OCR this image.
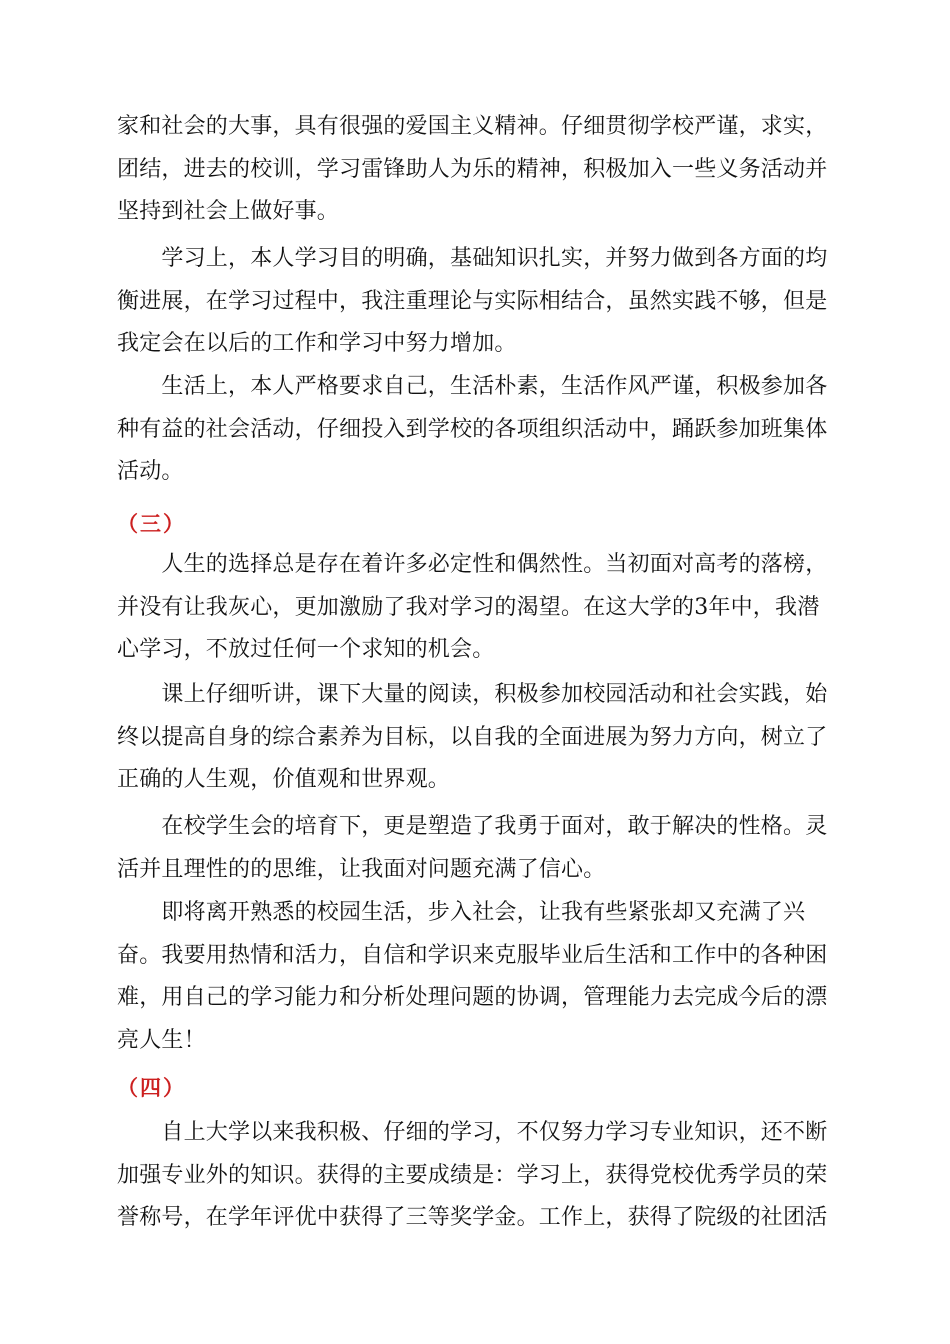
家和社会的大事，具有很强的爱国主义精神。仔细贯彻学校严谨，求实，
团结，进去的校训，学习雷锋助人为乐的精神，积极加入一些义务活动并
坚持到社会上做好事。

　　学习上，本人学习目的明确，基础知识扎实，并努力做到各方面的均
衡进展，在学习过程中，我注重理论与实际相结合，虽然实践不够，但是
我定会在以后的工作和学习中努力增加。

　　生活上，本人严格要求自己，生活朴素，生活作风严谨，积极参加各
种有益的社会活动，仔细投入到学校的各项组织活动中，踊跃参加班集体
活动。

（三）

　　人生的选择总是存在着许多必定性和偶然性。当初面对高考的落榜，
并没有让我灰心，更加激励了我对学习的渴望。在这大学的3年中，我潜
心学习，不放过任何一个求知的机会。

　　课上仔细听讲，课下大量的阅读，积极参加校园活动和社会实践，始
终以提高自身的综合素养为目标，以自我的全面进展为努力方向，树立了
正确的人生观，价值观和世界观。

　　在校学生会的培育下，更是塑造了我勇于面对，敢于解决的性格。灵
活并且理性的的思维，让我面对问题充满了信心。

　　即将离开熟悉的校园生活，步入社会，让我有些紧张却又充满了兴
奋。我要用热情和活力，自信和学识来克服毕业后生活和工作中的各种困
难，用自己的学习能力和分析处理问题的协调，管理能力去完成今后的漂
亮人生！

（四）

　　自上大学以来我积极、仔细的学习，不仅努力学习专业知识，还不断
加强专业外的知识。获得的主要成绩是：学习上，获得党校优秀学员的荣
誉称号，在学年评优中获得了三等奖学金。工作上，获得了院级的社团活
